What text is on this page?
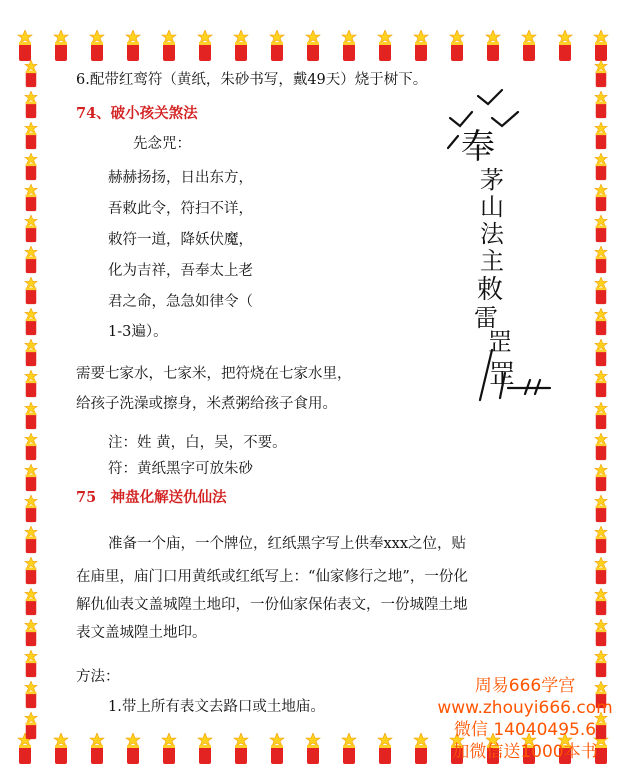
6.配带红鸾符（黄纸，朱砂书写，戴49天）烧于树下。
74、破小孩关煞法
先念咒：
赫赫扬扬，日出东方，
吾敕此令，符扫不详，
敕符一道，降妖伏魔，
化为吉祥，吾奉太上老
君之命，急急如律令（
1-3遍）。
需要七家水，七家米，把符烧在七家水里，
给孩子洗澡或擦身，米煮粥给孩子食用。
注：姓 黄，白，吴，不要。
符：黄纸黑字可放朱砂
75　神盘化解送仇仙法
准备一个庙，一个牌位，红纸黑字写上供奉xxx之位，贴
在庙里，庙门口用黄纸或红纸写上：“仙家修行之地”，一份化
解仇仙表文盖城隍土地印，一份仙家保佑表文，一份城隍土地
表文盖城隍土地印。
方法：
1.带上所有表文去路口或土地庙。
奉
茅
山
法
主
敕
雷
罡
罡
周易666学宫
www.zhouyi666.com
微信 14040495.6
加微信送1000本书
